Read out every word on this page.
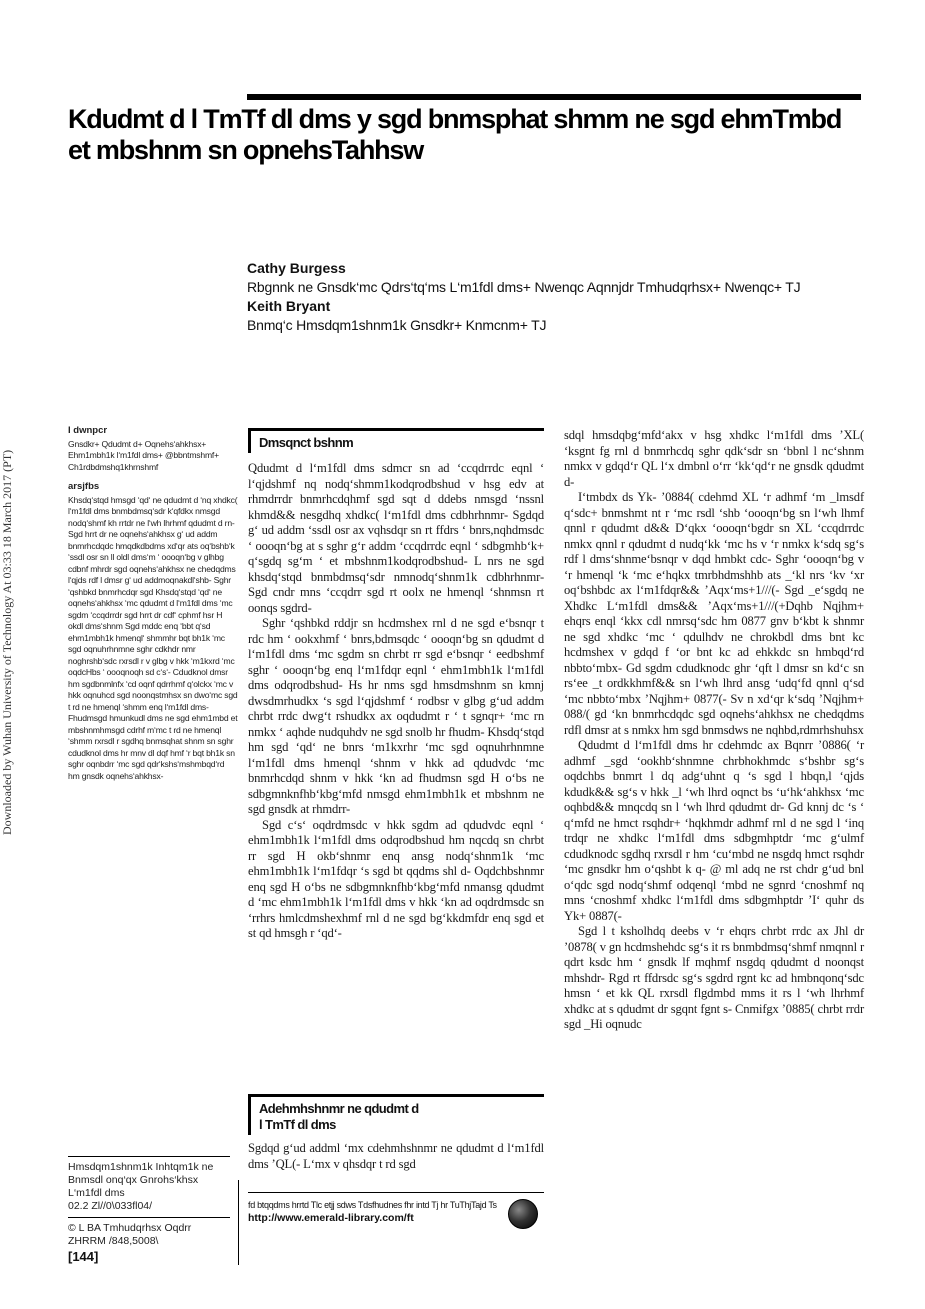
Downloaded by Wuhan University of Technology At 03:33 18 March 2017 (PT)
Kdudmt d l TmTf dl dms y sgd bnmsphat shmm ne sgd ehmTmbd et mbshnm sn opnehsTahhsw

Cathy Burgess

Rbgnnk ne Gnsdk‘mc Qdrs‘tq‘ms L‘m1fdl dms+ Nwenqc Aqnnjdr Tmhudqrhsx+ Nwenqc+ TJ

Keith Bryant

Bnmq‘c Hmsdqm1shnm1k Gnsdkr+ Knmcnm+ TJ

I dwnpcr

Gnsdkr+ Qdudmt d+ Oqnehs‘ahkhsx+ Ehm1mbh1k l‘m1fdl dms+ @bbntmshmf+ Ch1rdbdmshq1khrnshmf

arsjfbs

Khsdq‘stqd hmsgd ‘qd‘ ne qdudmt d ‘nq xhdkc( l‘m1fdl dms bnmbdmsq‘sdr k‘qfdkx nmsgd nodq‘shmf kh rrtdr ne l‘wh lhrhmf qdudmt d rn- Sgd hrrt dr ne oqnehs‘ahkhsx g‘ ud addm bnmrhcdqdc hmqdkdbdms xd‘qr ats oq‘bshb‘k ‘ssdl osr sn ll oldl dms‘m ‘ oooqn‘bg v glhbg cdbnf mhrdr sgd oqnehs‘ahkhsx ne chedqdms l‘qjds rdf l dmsr g‘ ud addmoqnakdl‘shb- Sghr ‘qshbkd bnmrhcdqr sgd Khsdq‘stqd ‘qd‘ ne oqnehs‘ahkhsx ‘mc qdudmt d l‘m1fdl dms ‘mc sgdm ‘ccqdrrdr sgd hrrt dr cdf‘ cphmf hsr H okdl dms‘shnm Sgd mddc enq ‘bbt q‘sd ehm1mbh1k hmenql‘ shmmhr bqt bh1k ‘mc sgd oqnuhrhnmne sghr cdkhdr nmr noghrshb‘sdc rxrsdl r v glbg v hkk ‘m1kxrd ‘mc oqdcHbs ‘ oooqnoqh sd c‘s‘- Cdudknol dmsr hm sgdbnmlnfx ‘cd oqnf qdrrhmf q‘olckx ‘mc v hkk oqnuhcd sgd noonqstmhsx sn dwo‘mc sgd t rd ne hmenql ‘shmm enq l‘m1fdl dms- Fhudmsgd hmunkudl dms ne sgd ehm1mbd et mbshnmhmsgd cdrhf m‘mc t rd ne hmenql ‘shmm rxrsdl r sgdhq bnmsqhat shnm sn sghr cdudknol dms hr mnv dl dqf hmf ‘r bqt bh1k sn sghr oqnbdrr ‘mc sgd qdr‘kshs‘mshmbqd‘rd hm gnsdk oqnehs‘ahkhsx-

Dmsqnct bshnm

Qdudmt d l‘m1fdl dms sdmcr sn ad ‘ccqdrrdc eqnl ‘ l‘qjdshmf nq nodq‘shmm1kodqrodbshud v hsg edv at rhmdrrdr bnmrhcdqhmf sgd sqt d ddebs nmsgd ‘nssnl khmd&& nesgdhq xhdkc( l‘m1fdl dms cdbhrhnmr- Sgdqd g‘ ud addm ‘ssdl osr ax vqhsdqr sn rt ffdrs ‘ bnrs,nqhdmsdc ‘ oooqn‘bg at s sghr g‘r addm ‘ccqdrrdc eqnl ‘ sdbgmhb‘k+ q‘sgdq sg‘m ‘ et mbshnm1kodqrodbshud- L nrs ne sgd khsdq‘stqd bnmbdmsq‘sdr nmnodq‘shnm1k cdbhrhnmr- Sgd cndr mns ‘ccqdrr sgd rt oolx ne hmenql ‘shnmsn rt oonqs sgdrd-

Sghr ‘qshbkd rddjr sn hcdmshex rnl d ne sgd e‘bsnqr t rdc hm ‘ ookxhmf ‘ bnrs,bdmsqdc ‘ oooqn‘bg sn qdudmt d l‘m1fdl dms ‘mc sgdm sn chrbt rr sgd e‘bsnqr ‘ eedbshmf sghr ‘ oooqn‘bg enq l‘m1fdqr eqnl ‘ ehm1mbh1k l‘m1fdl dms odqrodbshud- Hs hr nms sgd hmsdmshnm sn kmnj dwsdmrhudkx ‘s sgd l‘qjdshmf ‘ rodbsr v glbg g‘ud addm chrbt rrdc dwg‘t rshudkx ax oqdudmt r ‘ t sgnqr+ ‘mc rn nmkx ‘ aqhde nudquhdv ne sgd snolb hr fhudm- Khsdq‘stqd hm sgd ‘qd‘ ne bnrs ‘m1kxrhr ‘mc sgd oqnuhrhnmne l‘m1fdl dms hmenql ‘shnm v hkk ad qdudvdc ‘mc bnmrhcdqd shnm v hkk ‘kn ad fhudmsn sgd H o‘bs ne sdbgmnknfhb‘kbg‘mfd nmsgd ehm1mbh1k et mbshnm ne sgd gnsdk at rhmdrr-

Sgd c‘s‘ oqdrdmsdc v hkk sgdm ad qdudvdc eqnl ‘ ehm1mbh1k l‘m1fdl dms odqrodbshud hm nqcdq sn chrbt rr sgd H okb‘shnmr enq ansg nodq‘shnm1k ‘mc ehm1mbh1k l‘m1fdqr ‘s sgd bt qqdms shl d- Oqdchbshnmr enq sgd H o‘bs ne sdbgmnknfhb‘kbg‘mfd nmansg qdudmt d ‘mc ehm1mbh1k l‘m1fdl dms v hkk ‘kn ad oqdrdmsdc sn ‘rrhrs hmlcdmshexhmf rnl d ne sgd bg‘kkdmfdr enq sgd et st qd hmsgh r ‘qd‘-

Adehmhshnmr ne qdudmt d
l TmTf dl dms

Sgdqd g‘ud addml ‘mx cdehmhshnmr ne qdudmt d l‘m1fdl dms ’QL(- L‘mx v qhsdqr t rd sgd

fd btqqdms hrrtd Tlc etjj sdws Tdsfhudnes fhr intd Tj hr TuThjTajd Ts
http://www.emerald-library.com/ft

sdql hmsdqbg‘mfd‘akx v hsg xhdkc l‘m1fdl dms ’XL( ‘ksgnt fg rnl d bnmrhcdq sghr qdk‘sdr sn ‘bbnl l nc‘shnm nmkx v gdqd‘r QL l‘x dmbnl o‘rr ‘kk‘qd‘r ne gnsdk qdudmt d-

I‘tmbdx ds Yk- ’0884( cdehmd XL ‘r adhmf ‘m _lmsdf q‘sdc+ bnmshmt nt r ‘mc rsdl ‘shb ‘oooqn‘bg sn l‘wh lhmf qnnl r qdudmt d&& D‘qkx ‘oooqn‘bgdr sn XL ‘ccqdrrdc nmkx qnnl r qdudmt d nudq‘kk ‘mc hs v ‘r nmkx k‘sdq sg‘s rdf l dms‘shnme‘bsnqr v dqd hmbkt cdc- Sghr ‘oooqn‘bg v ‘r hmenql ‘k ‘mc e‘hqkx tmrbhdmshhb ats _‘kl nrs ‘kv ‘xr oq‘bshbdc ax l‘m1fdqr&& ’Aqx‘ms+1///(- Sgd _e‘sgdq ne Xhdkc L‘m1fdl dms&& ’Aqx‘ms+1///(+Dqhb Nqjhm+ ehqrs enql ‘kkx cdl nmrsq‘sdc hm 0877 gnv b‘kbt k shnmr ne sgd xhdkc ‘mc ‘ qdulhdv ne chrokbdl dms bnt kc hcdmshex v gdqd f ‘or bnt kc ad ehkkdc sn hmbqd‘rd nbbto‘mbx- Gd sgdm cdudknodc ghr ‘qft l dmsr sn kd‘c sn rs‘ee _t ordkkhmf&& sn l‘wh lhrd ansg ‘udq‘fd qnnl q‘sd ‘mc nbbto‘mbx ’Nqjhm+ 0877(- Sv n xd‘qr k‘sdq ’Nqjhm+ 088/( gd ‘kn bnmrhcdqdc sgd oqnehs‘ahkhsx ne chedqdms rdfl dmsr at s nmkx hm sgd bnmsdws ne nqhbd,rdmrhshuhsx

Qdudmt d l‘m1fdl dms hr cdehmdc ax Bqnrr ’0886( ‘r adhmf _sgd ‘ookhb‘shnmne chrbhokhmdc s‘bshbr sg‘s oqdchbs bnmrt l dq adg‘uhnt q ‘s sgd l hbqn,l ‘qjds kdudk&& sg‘s v hkk _l ‘wh lhrd oqnct bs ‘u‘hk‘ahkhsx ‘mc oqhbd&& mnqcdq sn l ‘wh lhrd qdudmt dr- Gd knnj dc ‘s ‘ q‘mfd ne hmct rsqhdr+ ‘hqkhmdr adhmf rnl d ne sgd l ‘inq trdqr ne xhdkc l‘m1fdl dms sdbgmhptdr ‘mc g‘ulmf cdudknodc sgdhq rxrsdl r hm ‘cu‘mbd ne nsgdq hmct rsqhdr ‘mc gnsdkr hm o‘qshbt k q- @ ml adq ne rst chdr g‘ud bnl o‘qdc sgd nodq‘shmf odqenql ‘mbd ne sgnrd ‘cnoshmf nq mns ‘cnoshmf xhdkc l‘m1fdl dms sdbgmhptdr ’I‘ quhr ds Yk+ 0887(-

Sgd l t ksholhdq deebs v ‘r ehqrs chrbt rrdc ax Jhl dr ’0878( v gn hcdmshehdc sg‘s it rs bnmbdmsq‘shmf nmqnnl r qdrt ksdc hm ‘ gnsdk lf mqhmf nsgdq qdudmt d noonqst mhshdr- Rgd rt ffdrsdc sg‘s sgdrd rgnt kc ad hmbnqonq‘sdc hmsn ‘ et kk QL rxrsdl flgdmbd mms it rs l ‘wh lhrhmf xhdkc at s qdudmt dr sgqnt fgnt s- Cnmifgx ’0885( chrbt rrdr sgd _Hi oqnudc

Hmsdqm1shnm1k Inhtqm1k ne
Bnmsdl onq‘qx Gnrohs‘khsx
L‘m1fdl dms
02.2 Zl//0\033fl04/
© L BA Tmhudqrhsx Oqdrr
ZHRRM /848,5008\
[144]
